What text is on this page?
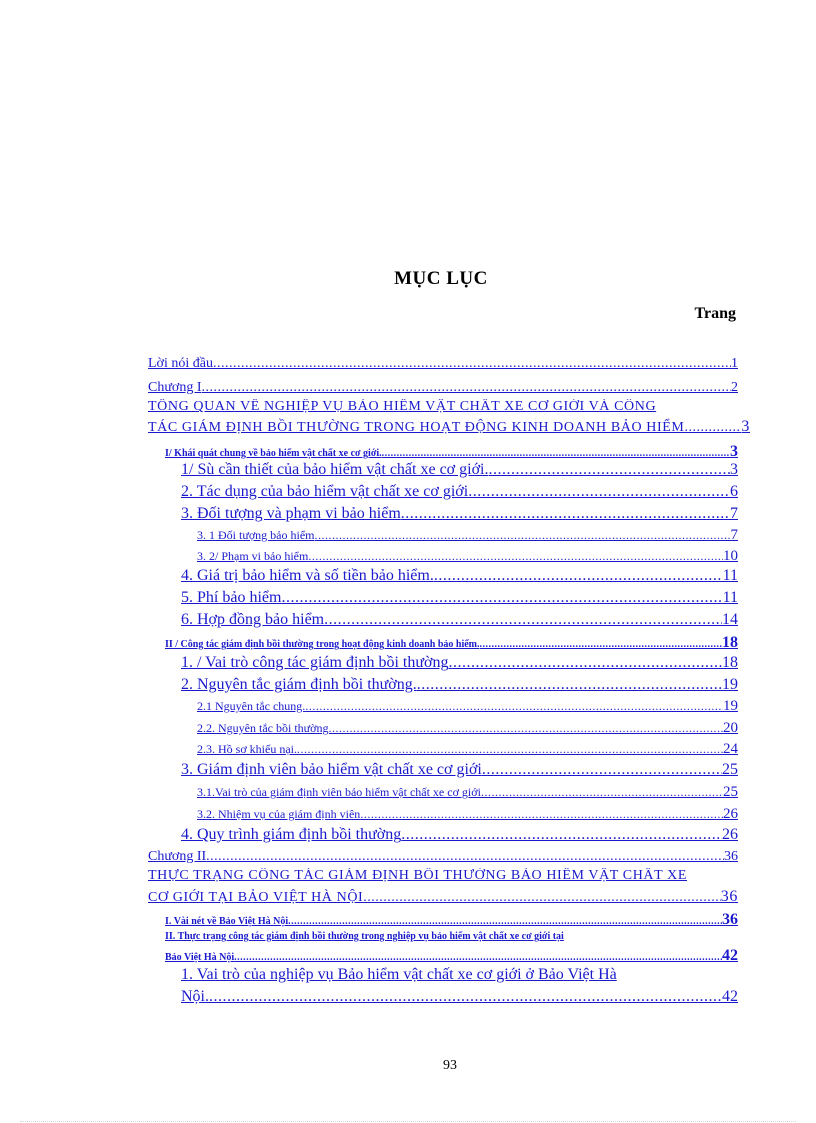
MỤC LỤC
Trang
Lời nói đầu .....	1
Chương I .....	2
TỔNG QUAN VỀ NGHIỆP VỤ BẢO HIỂM VẬT CHẤT XE CƠ GIỚI VÀ CÔNG
TÁC GIÁM ĐỊNH BỒI THƯỜNG TRONG HOẠT ĐỘNG KINH DOANH BẢO HIỂM .....	3
I/ Khái quát chung về bảo hiểm vật chất xe cơ giới. .....	3
1/ Sù cần thiết của bảo hiểm vật chất xe cơ giới. .....	3
2. Tác dụng của bảo hiểm vật chất xe cơ giới .....	6
3. Đối tượng và phạm vi bảo hiểm .....	7
3. 1 Đối tượng bảo hiểm .....	7
3. 2/ Phạm vi bảo hiểm .....	10
4. Giá trị bảo hiểm và số tiền bảo hiểm. .....	11
5. Phí bảo hiểm .....	11
6. Hợp đồng bảo hiểm .....	14
II / Công tác giám định bồi thường trong hoạt động kinh doanh bảo hiểm. .....	18
1. / Vai trò công tác giám định bồi thường .....	18
2. Nguyên tắc giám định bồi thường. .....	19
2.1 Nguyên tắc chung. .....	19
2.2. Nguyên tắc bồi thường .....	20
2.3. Hồ sơ khiếu nại. .....	24
3. Giám định viên bảo hiểm vật chất xe cơ giới .....	25
3.1.Vai trò của giám định viên bảo hiểm vật chất xe cơ giới .....	25
3.2. Nhiệm vụ của giám định viên .....	26
4. Quy trình giám định bồi thường .....	26
Chương II .....	36
THỰC TRẠNG CÔNG TÁC GIÁM ĐỊNH BỒI THƯỜNG BẢO HIỂM VẬT CHẤT XE
CƠ GIỚI TẠI BẢO VIỆT HÀ NỘI .....	36
I. Vài nét về Bảo Việt Hà Nội .....	36
II. Thực trạng công tác giám định bồi thường trong nghiệp vụ bảo hiểm vật chất xe cơ giới tại
Bảo Việt Hà Nội .....	42
1. Vai trò của nghiệp vụ Bảo hiểm vật chất xe cơ giới ở Bảo Việt Hà
Nội. .....	42
93
